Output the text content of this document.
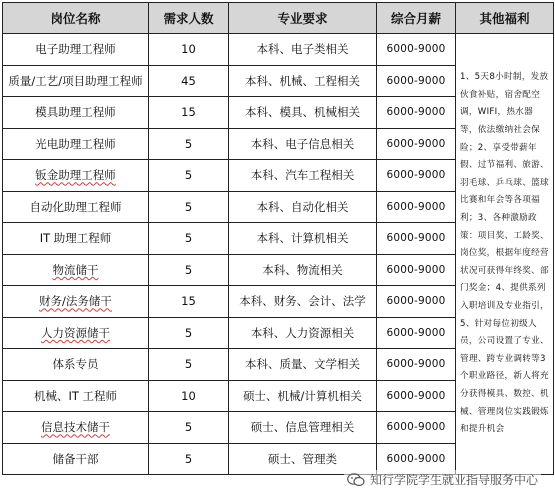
岗位名称	需求人数	专业要求	综合月薪	其他福利
电子助理工程师	10	本科、电子类相关	6000-9000	1、5天8小时制，发放伙食补贴，宿舍配空调，WIFI，热水器等，依法缴纳社会保险；2、享受带薪年假、过节福利、旅游、羽毛球、乒乓球、篮球比赛和年会等各项福利；3、各种激励政策：项目奖、工龄奖、岗位奖，根据年度经营状况可获得年终奖、部门奖金；4、提供系列入职培训及专业指引，5、针对每位初级人员，公司设置了专业、管理、跨专业调转等3个职业路径，新人将充分获得模具、数控、机械、管理岗位实践锻炼和提升机会
质量/工艺/项目助理工程师	45	本科、机械、工程相关	6000-9000	
模具助理工程师	15	本科、模具、机械相关	6000-9000	
光电助理工程师	5	本科、电子信息相关	6000-9000	
钣金助理工程师	5	本科、汽车工程相关	6000-9000	
自动化助理工程师	5	本科、自动化相关	6000-9000	
IT 助理工程师	5	本科、计算机相关	6000-9000	
物流储干	5	本科、物流相关	6000-9000	
财务/法务储干	15	本科、财务、会计、法学	6000-9000	
人力资源储干	5	本科、人力资源相关	6000-9000	
体系专员	5	本科、质量、文学相关	6000-9000	
机械、IT 工程师	10	硕士、机械/计算机相关	6000-9000	
信息技术储干	5	硕士、信息管理相关	6000-9000	
储备干部	5	硕士、管理类	6000-9000	
知行学院学生就业指导服务中心
